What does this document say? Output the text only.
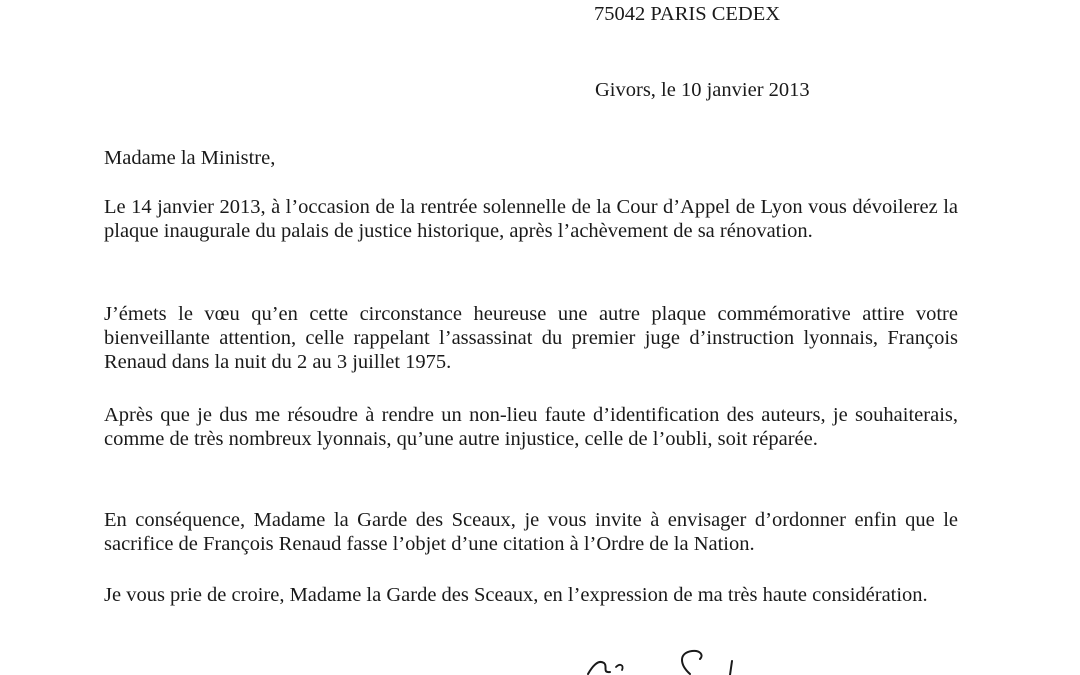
75042 PARIS CEDEX
Givors, le 10 janvier 2013
Madame la Ministre,
Le 14 janvier 2013, à l’occasion de la rentrée solennelle de la Cour d’Appel de Lyon vous dévoilerez la plaque inaugurale du palais de justice historique, après l’achèvement de sa rénovation.
J’émets le vœu qu’en cette circonstance heureuse une autre plaque commémorative attire votre bienveillante attention, celle rappelant l’assassinat du premier juge d’instruction lyonnais, François Renaud dans la nuit du 2 au 3 juillet 1975.
Après que je dus me résoudre à rendre un non-lieu faute d’identification des auteurs, je souhaiterais, comme de très nombreux lyonnais, qu’une autre injustice, celle de l’oubli, soit réparée.
En conséquence, Madame la Garde des Sceaux, je vous invite à envisager d’ordonner enfin que le sacrifice de François Renaud fasse l’objet d’une citation à l’Ordre de la Nation.
Je vous prie de croire, Madame la Garde des Sceaux, en l’expression de ma très haute considération.
